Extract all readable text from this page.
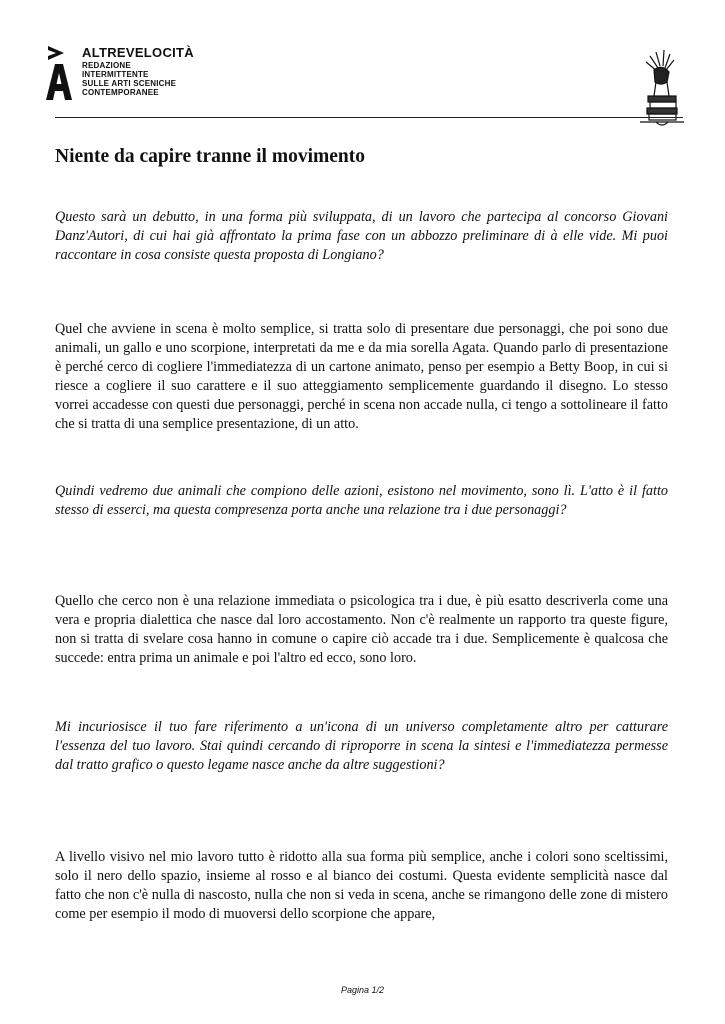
ALTREVELOCITÀ
REDAZIONE
INTERMITTENTE
SULLE ARTI SCENICHE
CONTEMPORANEE
Niente da capire tranne il movimento

Questo sarà un debutto, in una forma più sviluppata, di un lavoro che partecipa al concorso Giovani Danz'Autori, di cui hai già affrontato la prima fase con un abbozzo preliminare di à elle vide. Mi puoi raccontare in cosa consiste questa proposta di Longiano?

Quel che avviene in scena è molto semplice, si tratta solo di presentare due personaggi, che poi sono due animali, un gallo e uno scorpione, interpretati da me e da mia sorella Agata. Quando parlo di presentazione è perché cerco di cogliere l'immediatezza di un cartone animato, penso per esempio a Betty Boop, in cui si riesce a cogliere il suo carattere e il suo atteggiamento semplicemente guardando il disegno. Lo stesso vorrei accadesse con questi due personaggi, perché in scena non accade nulla, ci tengo a sottolineare il fatto che si tratta di una semplice presentazione, di un atto.

Quindi vedremo due animali che compiono delle azioni, esistono nel movimento, sono lì. L'atto è il fatto stesso di esserci, ma questa compresenza porta anche una relazione tra i due personaggi?

Quello che cerco non è una relazione immediata o psicologica tra i due, è più esatto descriverla come una vera e propria dialettica che nasce dal loro accostamento. Non c'è realmente un rapporto tra queste figure, non si tratta di svelare cosa hanno in comune o capire ciò accade tra i due. Semplicemente è qualcosa che succede: entra prima un animale e poi l'altro ed ecco, sono loro.

Mi incuriosisce il tuo fare riferimento a un'icona di un universo completamente altro per catturare l'essenza del tuo lavoro. Stai quindi cercando di riproporre in scena la sintesi e l'immediatezza permesse dal tratto grafico o questo legame nasce anche da altre suggestioni?

A livello visivo nel mio lavoro tutto è ridotto alla sua forma più semplice, anche i colori sono sceltissimi, solo il nero dello spazio, insieme al rosso e al bianco dei costumi. Questa evidente semplicità nasce dal fatto che non c'è nulla di nascosto, nulla che non si veda in scena, anche se rimangono delle zone di mistero come per esempio il modo di muoversi dello scorpione che appare,

Pagina 1/2
